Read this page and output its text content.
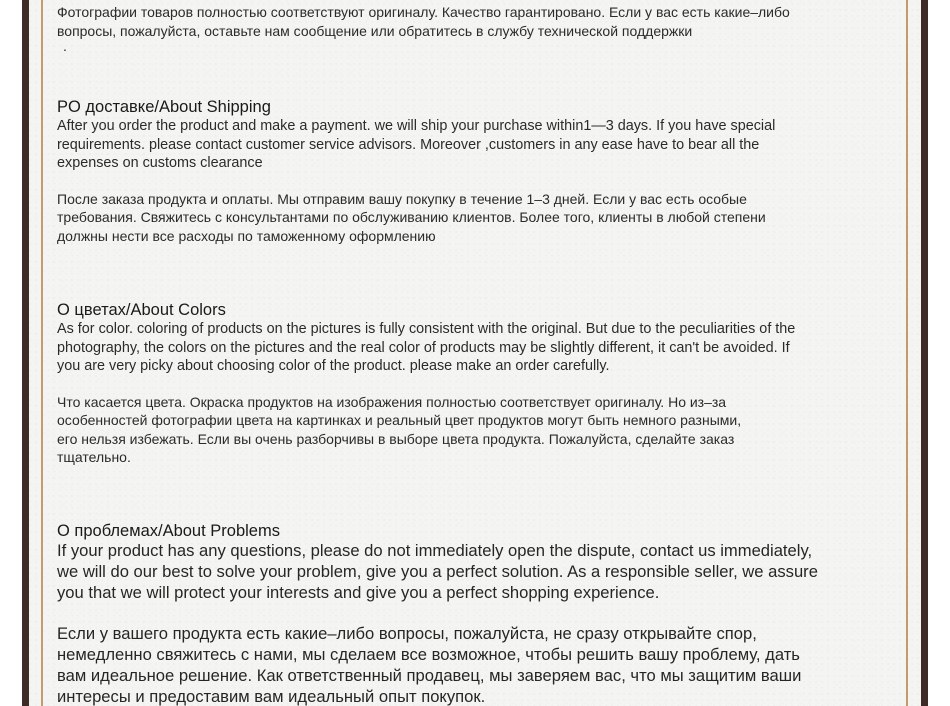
Фотографии товаров полностью соответствуют оригиналу. Качество гарантировано. Если у вас есть какие–либо

вопросы, пожалуйста, оставьте нам сообщение или обратитесь в службу технической поддержки

.

PO доставке/About Shipping

After you order the product and make a payment. we will ship your purchase within1—3 days. If you have special

requirements. please contact customer service advisors. Moreover ,customers in any ease have to bear all the

expenses on customs clearance

После заказа продукта и оплаты. Мы отправим вашу покупку в течение 1–3 дней. Если у вас есть особые

требования. Свяжитесь с консультантами по обслуживанию клиентов. Более того, клиенты в любой степени

должны нести все расходы по таможенному оформлению

О цветах/About Colors

As for color. coloring of products on the pictures is fully consistent with the original. But due to the peculiarities of the

photography, the colors on the pictures and the real color of products may be slightly different, it can't be avoided. If

you are very picky about choosing color of the product. please make an order carefully.

Что касается цвета. Окраска продуктов на изображения полностью соответствует оригиналу. Но из–за

особенностей фотографии цвета на картинках и реальный цвет продуктов могут быть немного разными,

его нельзя избежать. Если вы очень разборчивы в выборе цвета продукта. Пожалуйста, сделайте заказ

тщательно.

О проблемах/About Problems

If your product has any questions, please do not immediately open the dispute, contact us immediately,

we will do our best to solve your problem, give you a perfect solution. As a responsible seller, we assure

you that we will protect your interests and give you a perfect shopping experience.

Если у вашего продукта есть какие–либо вопросы, пожалуйста, не сразу открывайте спор,

немедленно свяжитесь с нами, мы сделаем все возможное, чтобы решить вашу проблему, дать

вам идеальное решение. Как ответственный продавец, мы заверяем вас, что мы защитим ваши

интересы и предоставим вам идеальный опыт покупок.
